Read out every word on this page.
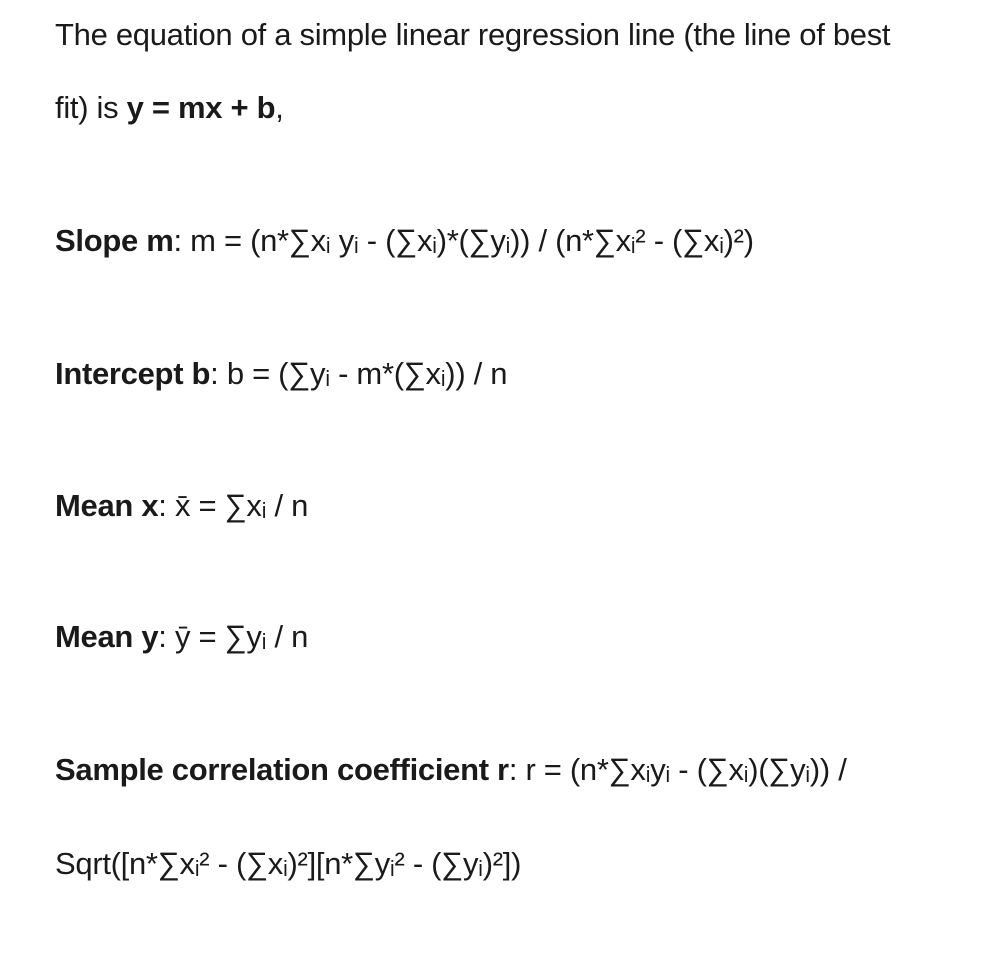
The equation of a simple linear regression line (the line of best
fit) is y = mx + b,
Slope m: m = (n*∑xᵢ yᵢ - (∑xᵢ)*(∑yᵢ)) / (n*∑xᵢ² - (∑xᵢ)²)
Intercept b: b = (∑yᵢ - m*(∑xᵢ)) / n
Mean x: x̄ = ∑xᵢ / n
Mean y: ȳ = ∑yᵢ / n
Sample correlation coefficient r: r = (n*∑xᵢyᵢ - (∑xᵢ)(∑yᵢ)) /
Sqrt([n*∑xᵢ² - (∑xᵢ)²][n*∑yᵢ² - (∑yᵢ)²])
